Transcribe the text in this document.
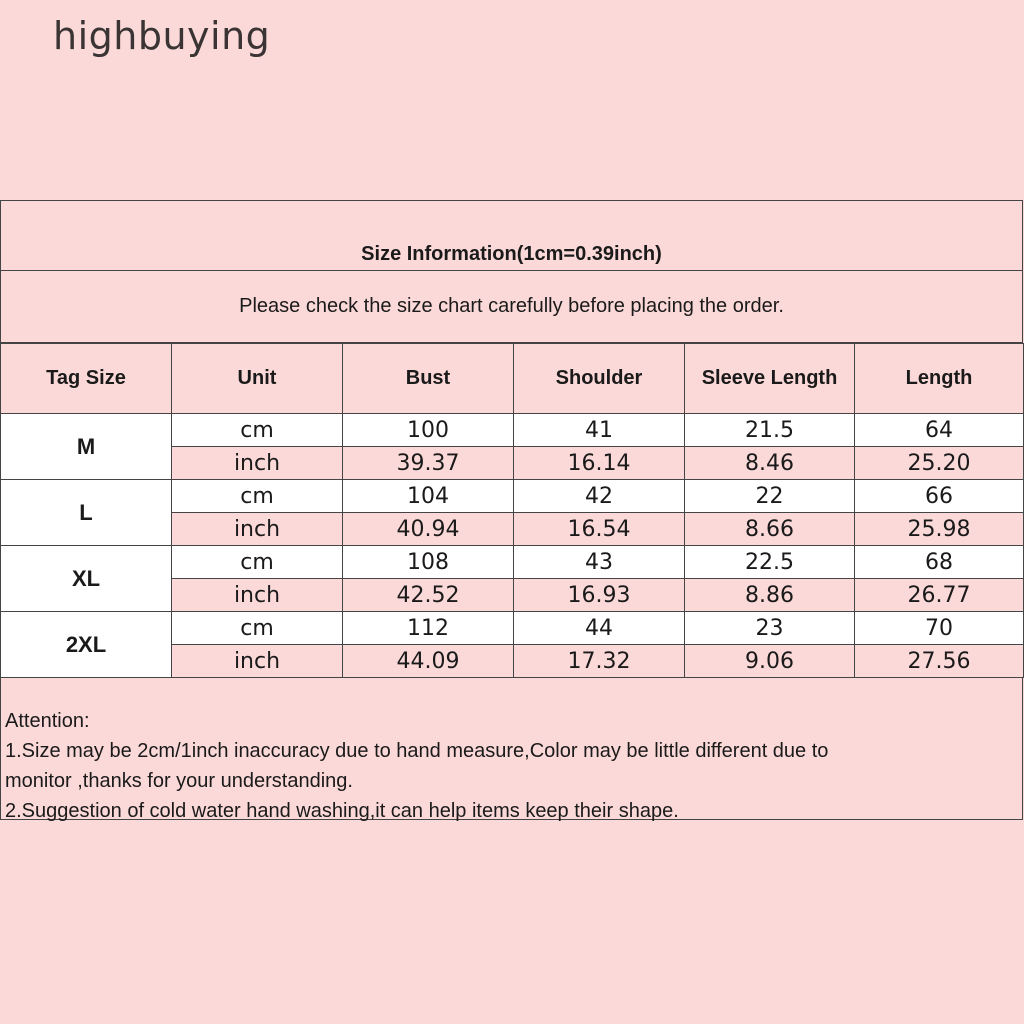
highbuying
Size Information(1cm=0.39inch)
Please check the size chart carefully before placing the order.
Tag Size	Unit	Bust	Shoulder	Sleeve Length	Length
M	cm	100	41	21.5	64
	inch	39.37	16.14	8.46	25.20
L	cm	104	42	22	66
	inch	40.94	16.54	8.66	25.98
XL	cm	108	43	22.5	68
	inch	42.52	16.93	8.86	26.77
2XL	cm	112	44	23	70
	inch	44.09	17.32	9.06	27.56
Attention:
1.Size may be 2cm/1inch inaccuracy due to hand measure,Color may be little different due to
monitor ,thanks for your understanding.
2.Suggestion of cold water hand washing,it can help items keep their shape.
